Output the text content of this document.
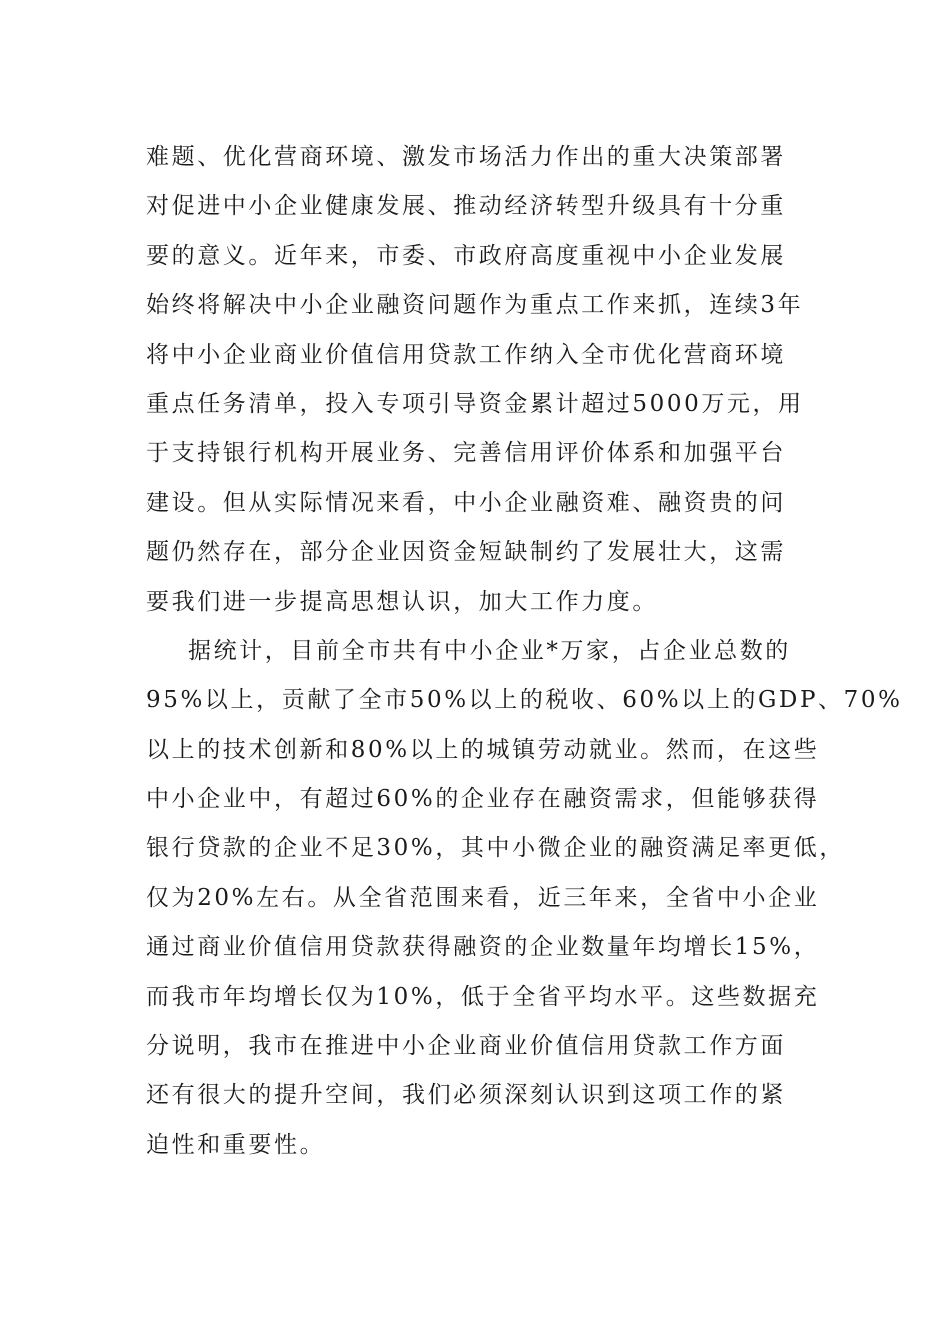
难题、优化营商环境、激发市场活力作出的重大决策部署
对促进中小企业健康发展、推动经济转型升级具有十分重
要的意义。近年来，市委、市政府高度重视中小企业发展
始终将解决中小企业融资问题作为重点工作来抓，连续3年
将中小企业商业价值信用贷款工作纳入全市优化营商环境
重点任务清单，投入专项引导资金累计超过5000万元，用
于支持银行机构开展业务、完善信用评价体系和加强平台
建设。但从实际情况来看，中小企业融资难、融资贵的问
题仍然存在，部分企业因资金短缺制约了发展壮大，这需
要我们进一步提高思想认识，加大工作力度。
据统计，目前全市共有中小企业*万家，占企业总数的
95%以上，贡献了全市50%以上的税收、60%以上的GDP、70%
以上的技术创新和80%以上的城镇劳动就业。然而，在这些
中小企业中，有超过60%的企业存在融资需求，但能够获得
银行贷款的企业不足30%，其中小微企业的融资满足率更低，
仅为20%左右。从全省范围来看，近三年来，全省中小企业
通过商业价值信用贷款获得融资的企业数量年均增长15%，
而我市年均增长仅为10%，低于全省平均水平。这些数据充
分说明，我市在推进中小企业商业价值信用贷款工作方面
还有很大的提升空间，我们必须深刻认识到这项工作的紧
迫性和重要性。
